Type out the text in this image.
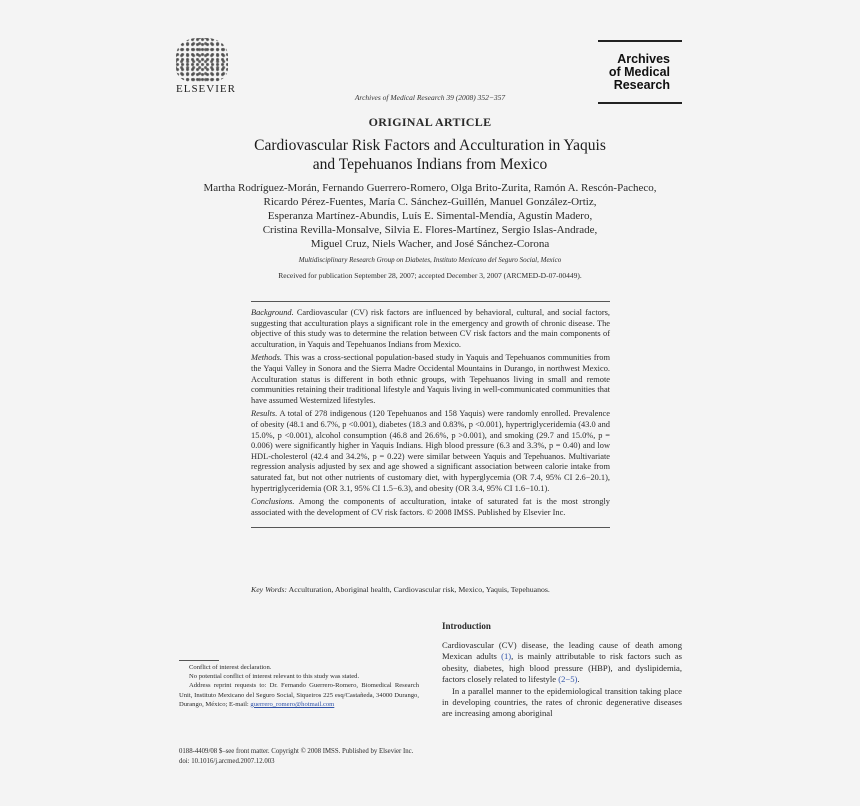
ELSEVIER
Archives
of Medical
Research
Archives of Medical Research 39 (2008) 352−357
ORIGINAL ARTICLE
Cardiovascular Risk Factors and Acculturation in Yaquis
and Tepehuanos Indians from Mexico
Martha Rodríguez-Morán, Fernando Guerrero-Romero, Olga Brito-Zurita, Ramón A. Rescón-Pacheco,
Ricardo Pérez-Fuentes, María C. Sánchez-Guillén, Manuel González-Ortiz,
Esperanza Martínez-Abundis, Luís E. Simental-Mendía, Agustín Madero,
Cristina Revilla-Monsalve, Silvia E. Flores-Martínez, Sergio Islas-Andrade,
Miguel Cruz, Niels Wacher, and José Sánchez-Corona
Multidisciplinary Research Group on Diabetes, Instituto Mexicano del Seguro Social, Mexico
Received for publication September 28, 2007; accepted December 3, 2007 (ARCMED-D-07-00449).

Background. Cardiovascular (CV) risk factors are influenced by behavioral, cultural, and social factors, suggesting that acculturation plays a significant role in the emergency and growth of chronic disease. The objective of this study was to determine the relation between CV risk factors and the main components of acculturation, in Yaquis and Tepehuanos Indians from Mexico.

Methods. This was a cross-sectional population-based study in Yaquis and Tepehuanos communities from the Yaqui Valley in Sonora and the Sierra Madre Occidental Mountains in Durango, in northwest Mexico. Acculturation status is different in both ethnic groups, with Tepehuanos living in small and remote communities retaining their traditional lifestyle and Yaquis living in well-communicated communities that have assumed Westernized lifestyles.

Results. A total of 278 indigenous (120 Tepehuanos and 158 Yaquis) were randomly enrolled. Prevalence of obesity (48.1 and 6.7%, p <0.001), diabetes (18.3 and 0.83%, p <0.001), hypertriglyceridemia (43.0 and 15.0%, p <0.001), alcohol consumption (46.8 and 26.6%, p >0.001), and smoking (29.7 and 15.0%, p = 0.006) were significantly higher in Yaquis Indians. High blood pressure (6.3 and 3.3%, p = 0.40) and low HDL-cholesterol (42.4 and 34.2%, p = 0.22) were similar between Yaquis and Tepehuanos. Multivariate regression analysis adjusted by sex and age showed a significant association between calorie intake from saturated fat, but not other nutrients of customary diet, with hyperglycemia (OR 7.4, 95% CI 2.6−20.1), hypertriglyceridemia (OR 3.1, 95% CI 1.5−6.3), and obesity (OR 3.4, 95% CI 1.6−10.1).

Conclusions. Among the components of acculturation, intake of saturated fat is the most strongly associated with the development of CV risk factors. © 2008 IMSS. Published by Elsevier Inc.

Key Words: Acculturation, Aboriginal health, Cardiovascular risk, Mexico, Yaquis, Tepehuanos.

Conflict of interest declaration.

No potential conflict of interest relevant to this study was stated.

Address reprint requests to: Dr. Fernando Guerrero-Romero, Biomedical Research Unit, Instituto Mexicano del Seguro Social, Siqueiros 225 esq/Castañeda, 34000 Durango, Durango, México; E-mail: guerrero_romero@hotmail.com

Introduction

Cardiovascular (CV) disease, the leading cause of death among Mexican adults (1), is mainly attributable to risk factors such as obesity, diabetes, high blood pressure (HBP), and dyslipidemia, factors closely related to lifestyle (2−5).

In a parallel manner to the epidemiological transition taking place in developing countries, the rates of chronic degenerative diseases are increasing among aboriginal

0188-4409/08 $–see front matter. Copyright © 2008 IMSS. Published by Elsevier Inc.
doi: 10.1016/j.arcmed.2007.12.003
